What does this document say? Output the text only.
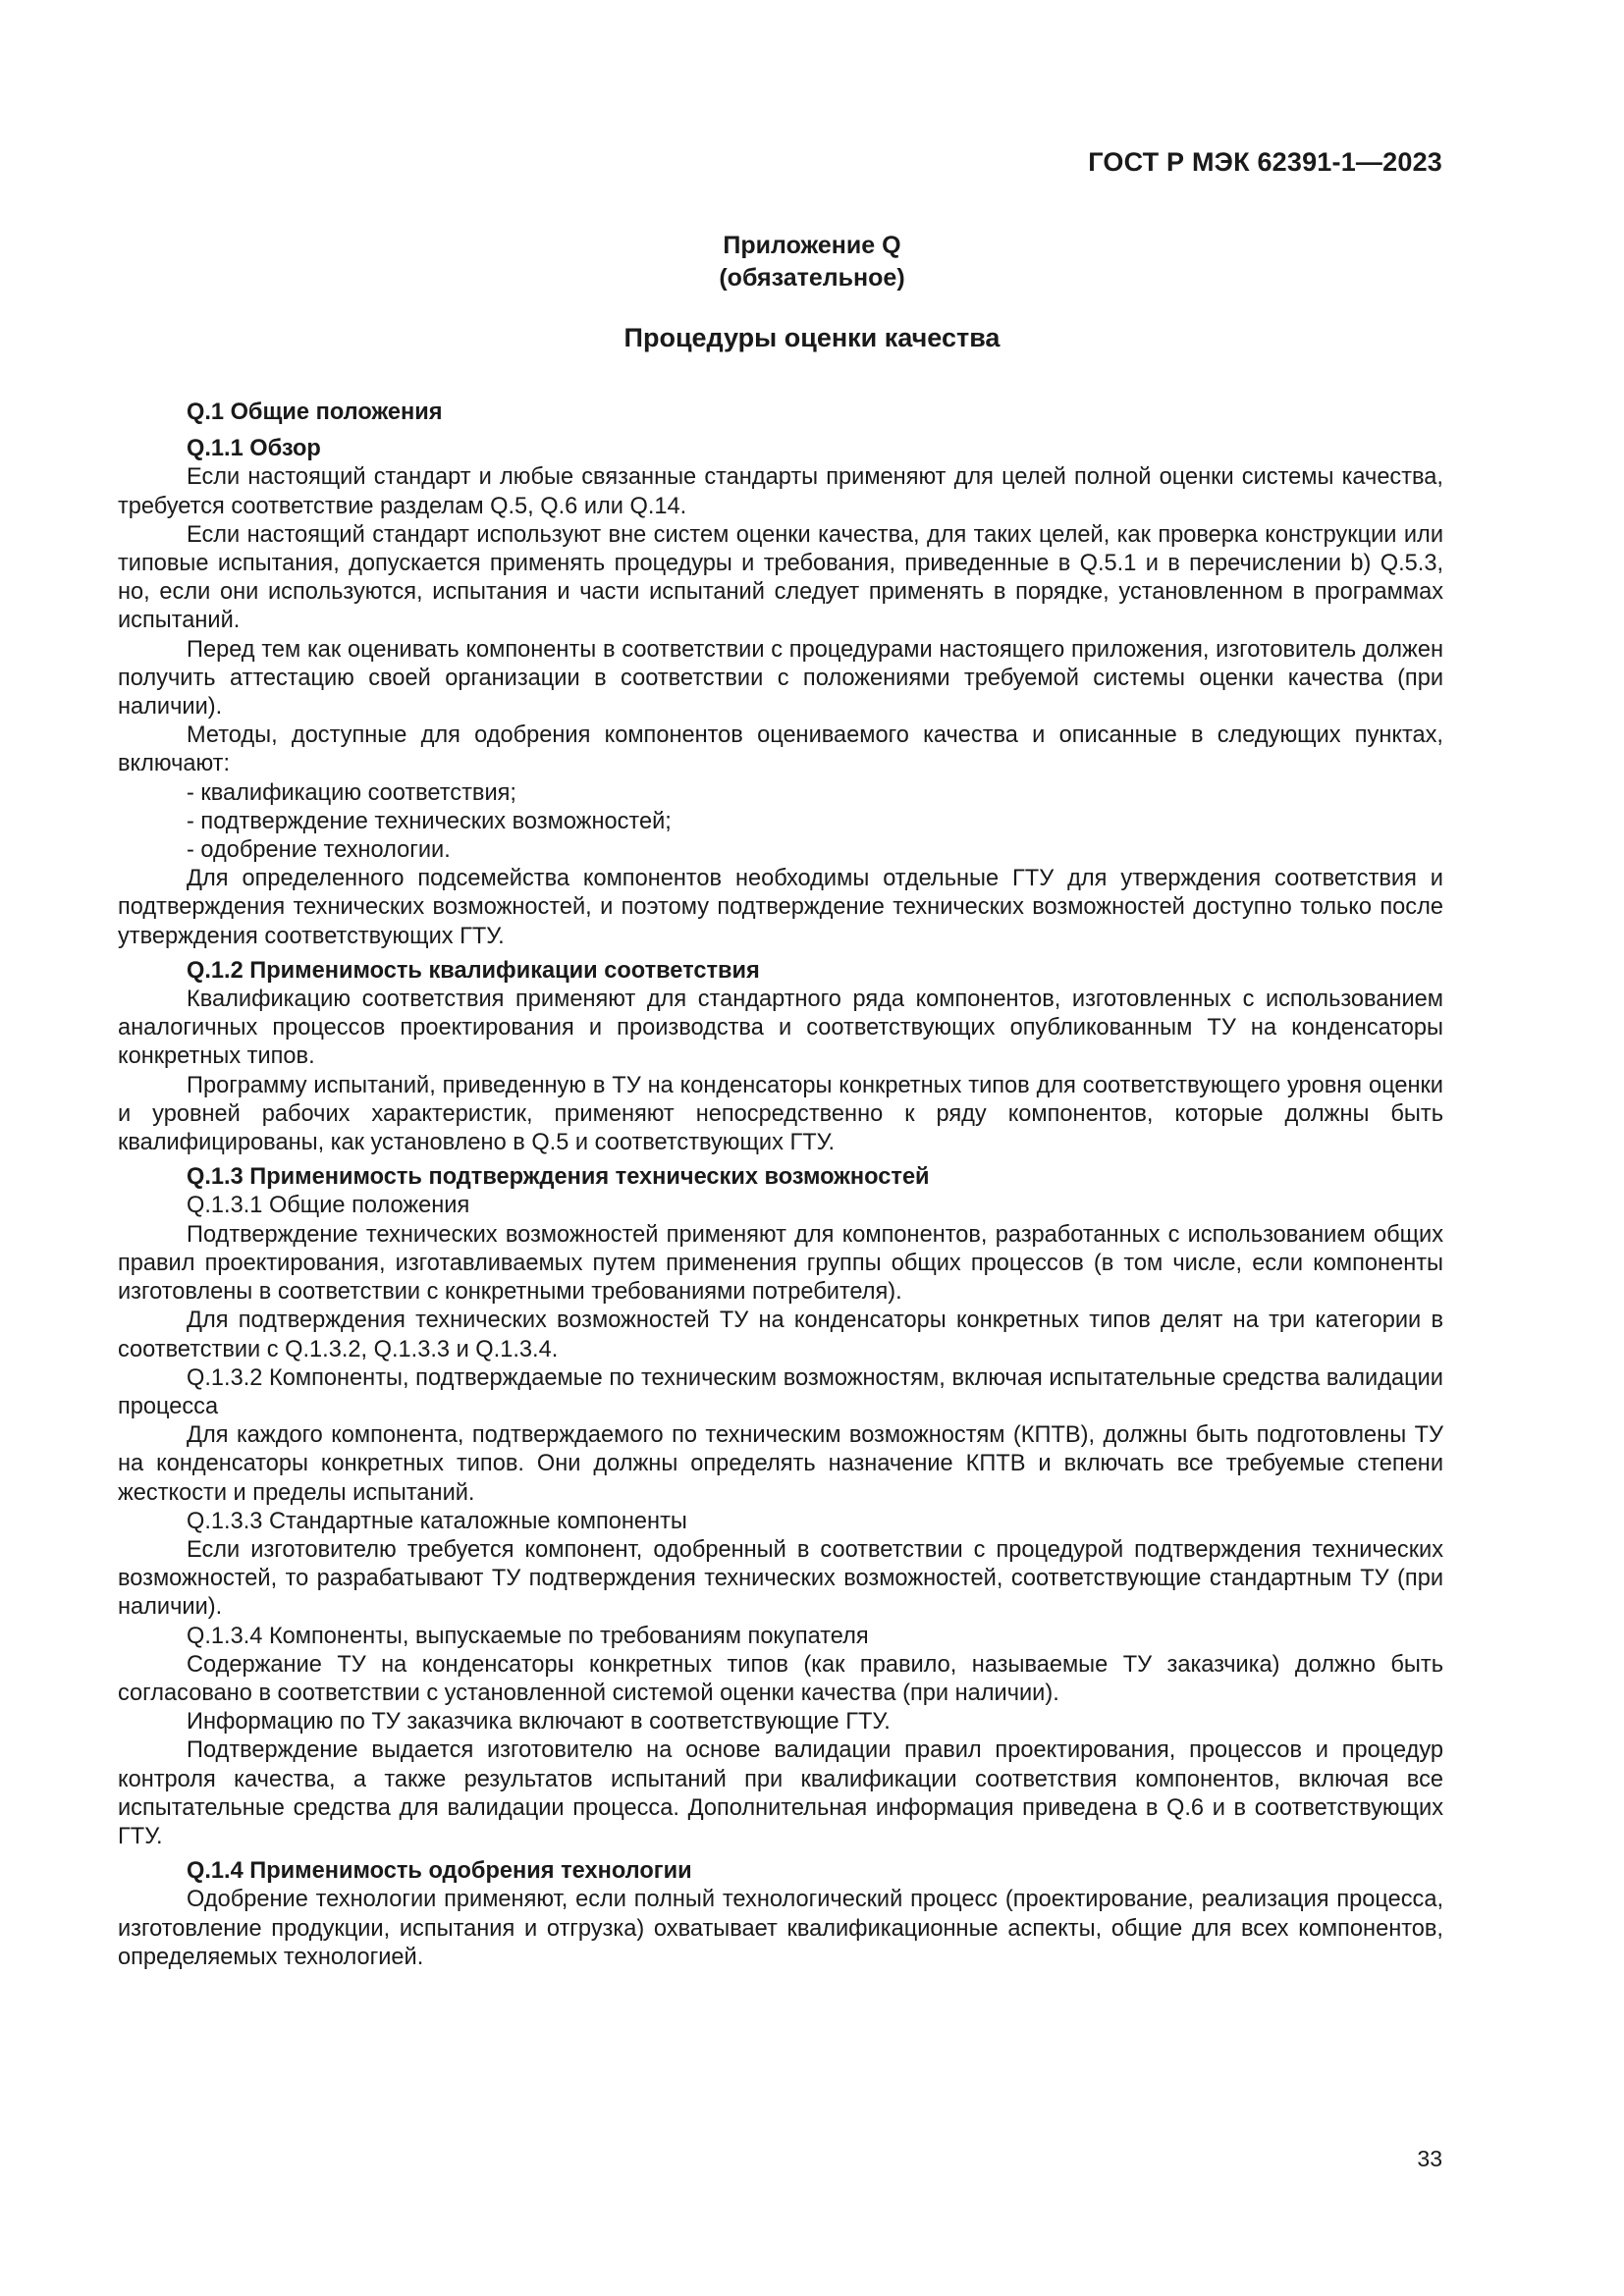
ГОСТ Р МЭК 62391-1—2023
Приложение Q
(обязательное)
Процедуры оценки качества

Q.1 Общие положения

Q.1.1 Обзор

Если настоящий стандарт и любые связанные стандарты применяют для целей полной оценки системы качества, требуется соответствие разделам Q.5, Q.6 или Q.14.

Если настоящий стандарт используют вне систем оценки качества, для таких целей, как проверка конструкции или типовые испытания, допускается применять процедуры и требования, приведенные в Q.5.1 и в перечислении b) Q.5.3, но, если они используются, испытания и части испытаний следует применять в порядке, установленном в программах испытаний.

Перед тем как оценивать компоненты в соответствии с процедурами настоящего приложения, изготовитель должен получить аттестацию своей организации в соответствии с положениями требуемой системы оценки качества (при наличии).

Методы, доступные для одобрения компонентов оцениваемого качества и описанные в следующих пунктах, включают:

- квалификацию соответствия;

- подтверждение технических возможностей;

- одобрение технологии.

Для определенного подсемейства компонентов необходимы отдельные ГТУ для утверждения соответствия и подтверждения технических возможностей, и поэтому подтверждение технических возможностей доступно только после утверждения соответствующих ГТУ.

Q.1.2 Применимость квалификации соответствия

Квалификацию соответствия применяют для стандартного ряда компонентов, изготовленных с использованием аналогичных процессов проектирования и производства и соответствующих опубликованным ТУ на конденсаторы конкретных типов.

Программу испытаний, приведенную в ТУ на конденсаторы конкретных типов для соответствующего уровня оценки и уровней рабочих характеристик, применяют непосредственно к ряду компонентов, которые должны быть квалифицированы, как установлено в Q.5 и соответствующих ГТУ.

Q.1.3 Применимость подтверждения технических возможностей

Q.1.3.1 Общие положения

Подтверждение технических возможностей применяют для компонентов, разработанных с использованием общих правил проектирования, изготавливаемых путем применения группы общих процессов (в том числе, если компоненты изготовлены в соответствии с конкретными требованиями потребителя).

Для подтверждения технических возможностей ТУ на конденсаторы конкретных типов делят на три категории в соответствии с Q.1.3.2, Q.1.3.3 и Q.1.3.4.

Q.1.3.2 Компоненты, подтверждаемые по техническим возможностям, включая испытательные средства валидации процесса

Для каждого компонента, подтверждаемого по техническим возможностям (КПТВ), должны быть подготовлены ТУ на конденсаторы конкретных типов. Они должны определять назначение КПТВ и включать все требуемые степени жесткости и пределы испытаний.

Q.1.3.3 Стандартные каталожные компоненты

Если изготовителю требуется компонент, одобренный в соответствии с процедурой подтверждения технических возможностей, то разрабатывают ТУ подтверждения технических возможностей, соответствующие стандартным ТУ (при наличии).

Q.1.3.4 Компоненты, выпускаемые по требованиям покупателя

Содержание ТУ на конденсаторы конкретных типов (как правило, называемые ТУ заказчика) должно быть согласовано в соответствии с установленной системой оценки качества (при наличии).

Информацию по ТУ заказчика включают в соответствующие ГТУ.

Подтверждение выдается изготовителю на основе валидации правил проектирования, процессов и процедур контроля качества, а также результатов испытаний при квалификации соответствия компонентов, включая все испытательные средства для валидации процесса. Дополнительная информация приведена в Q.6 и в соответствующих ГТУ.

Q.1.4 Применимость одобрения технологии

Одобрение технологии применяют, если полный технологический процесс (проектирование, реализация процесса, изготовление продукции, испытания и отгрузка) охватывает квалификационные аспекты, общие для всех компонентов, определяемых технологией.

33
